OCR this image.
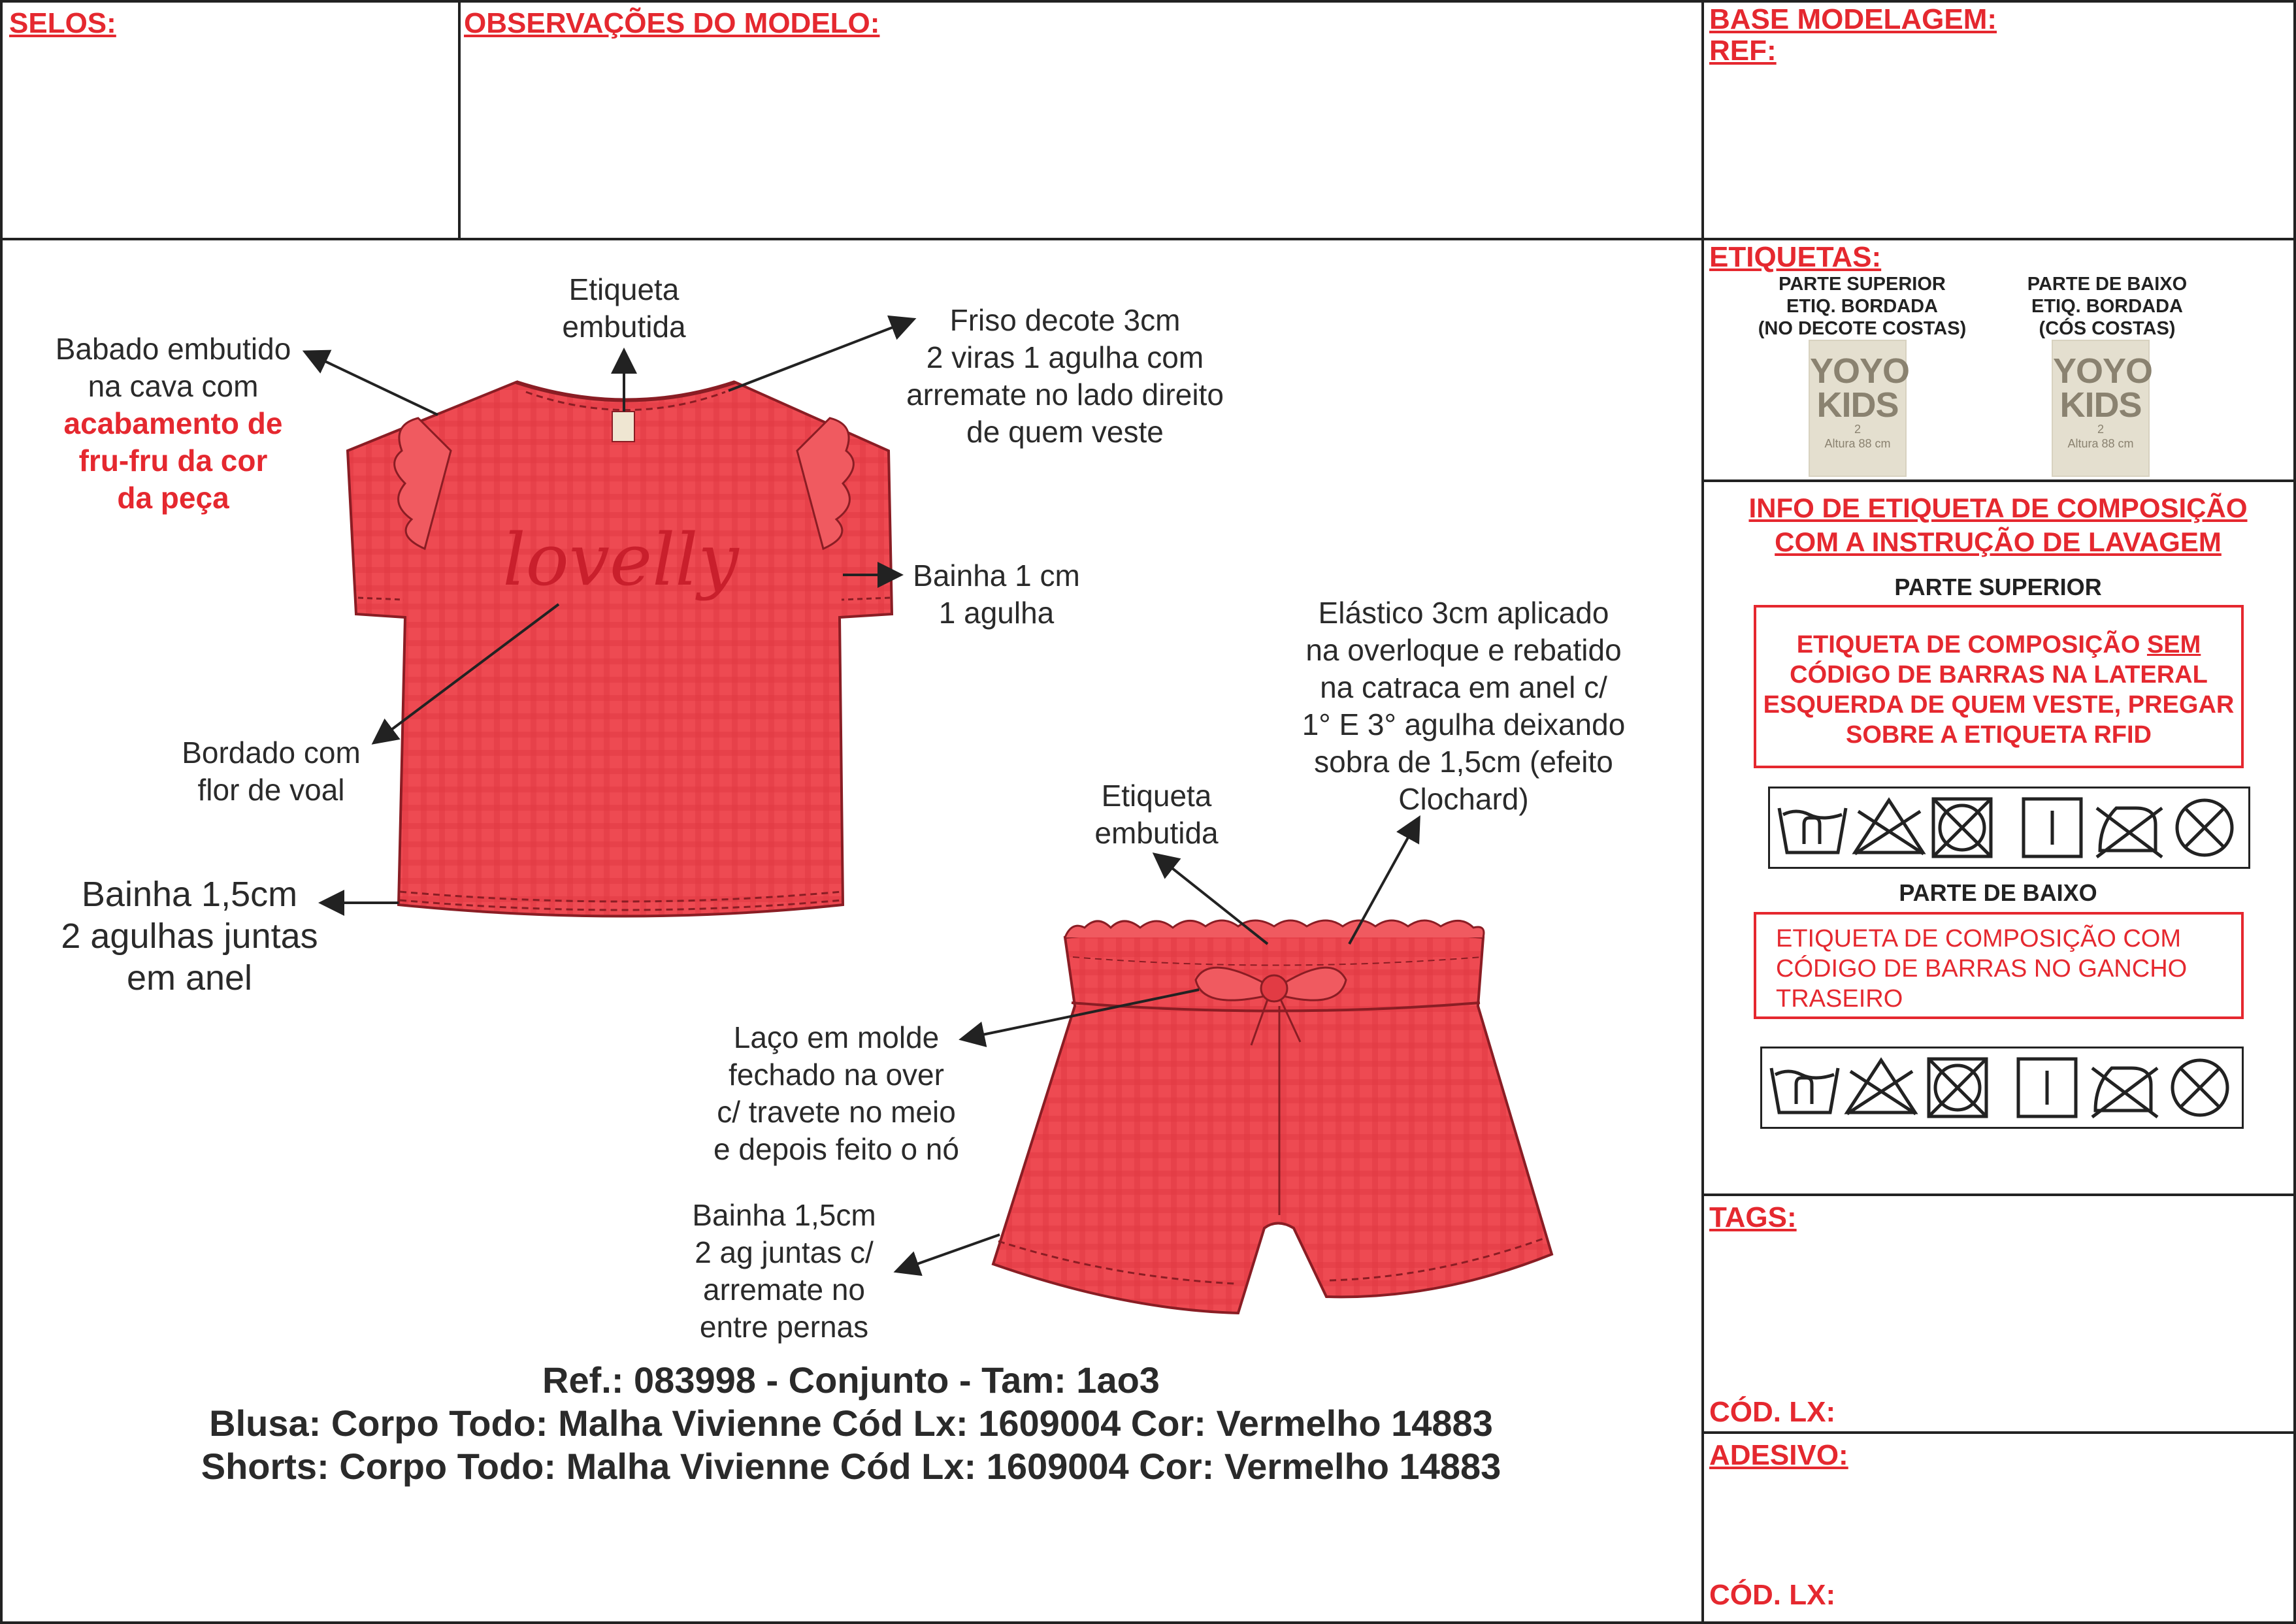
SELOS:	OBSERVAÇÕES DO MODELO:	BASE MODELAGEM:
REF:
ETIQUETAS:
TAGS:
CÓD. LX:
ADESIVO:
CÓD. LX:
lovelly
Etiqueta
embutida
Babado embutido
na cava com
acabamento de
fru-fru da cor
da peça
Friso decote 3cm
2 viras 1 agulha com
arremate no lado direito
de quem veste
Bainha 1 cm
1 agulha
Bordado com
flor de voal
Bainha 1,5cm
2 agulhas juntas
em anel
Elástico 3cm aplicado
na overloque e rebatido
na catraca em anel c/
1° E 3° agulha deixando
sobra de 1,5cm (efeito
Clochard)
Etiqueta
embutida
Laço em molde
fechado na over
c/ travete no meio
e depois feito o nó
Bainha 1,5cm
2 ag juntas c/
arremate no
entre pernas
Ref.: 083998 - Conjunto - Tam: 1ao3
Blusa: Corpo Todo: Malha Vivienne Cód Lx: 1609004 Cor: Vermelho 14883
Shorts: Corpo Todo: Malha Vivienne Cód Lx: 1609004 Cor: Vermelho 14883
PARTE SUPERIOR
ETIQ. BORDADA
(NO DECOTE COSTAS)
PARTE DE BAIXO
ETIQ. BORDADA
(CÓS COSTAS)
YOYO
KIDS
2
Altura 88 cm
YOYO
KIDS
2
Altura 88 cm
INFO DE ETIQUETA DE COMPOSIÇÃO
COM A INSTRUÇÃO DE LAVAGEM
PARTE SUPERIOR
ETIQUETA DE COMPOSIÇÃO SEM
CÓDIGO DE BARRAS NA LATERAL
ESQUERDA DE QUEM VESTE, PREGAR
SOBRE A ETIQUETA RFID
PARTE DE BAIXO
ETIQUETA DE COMPOSIÇÃO COM
CÓDIGO DE BARRAS NO GANCHO
TRASEIRO
